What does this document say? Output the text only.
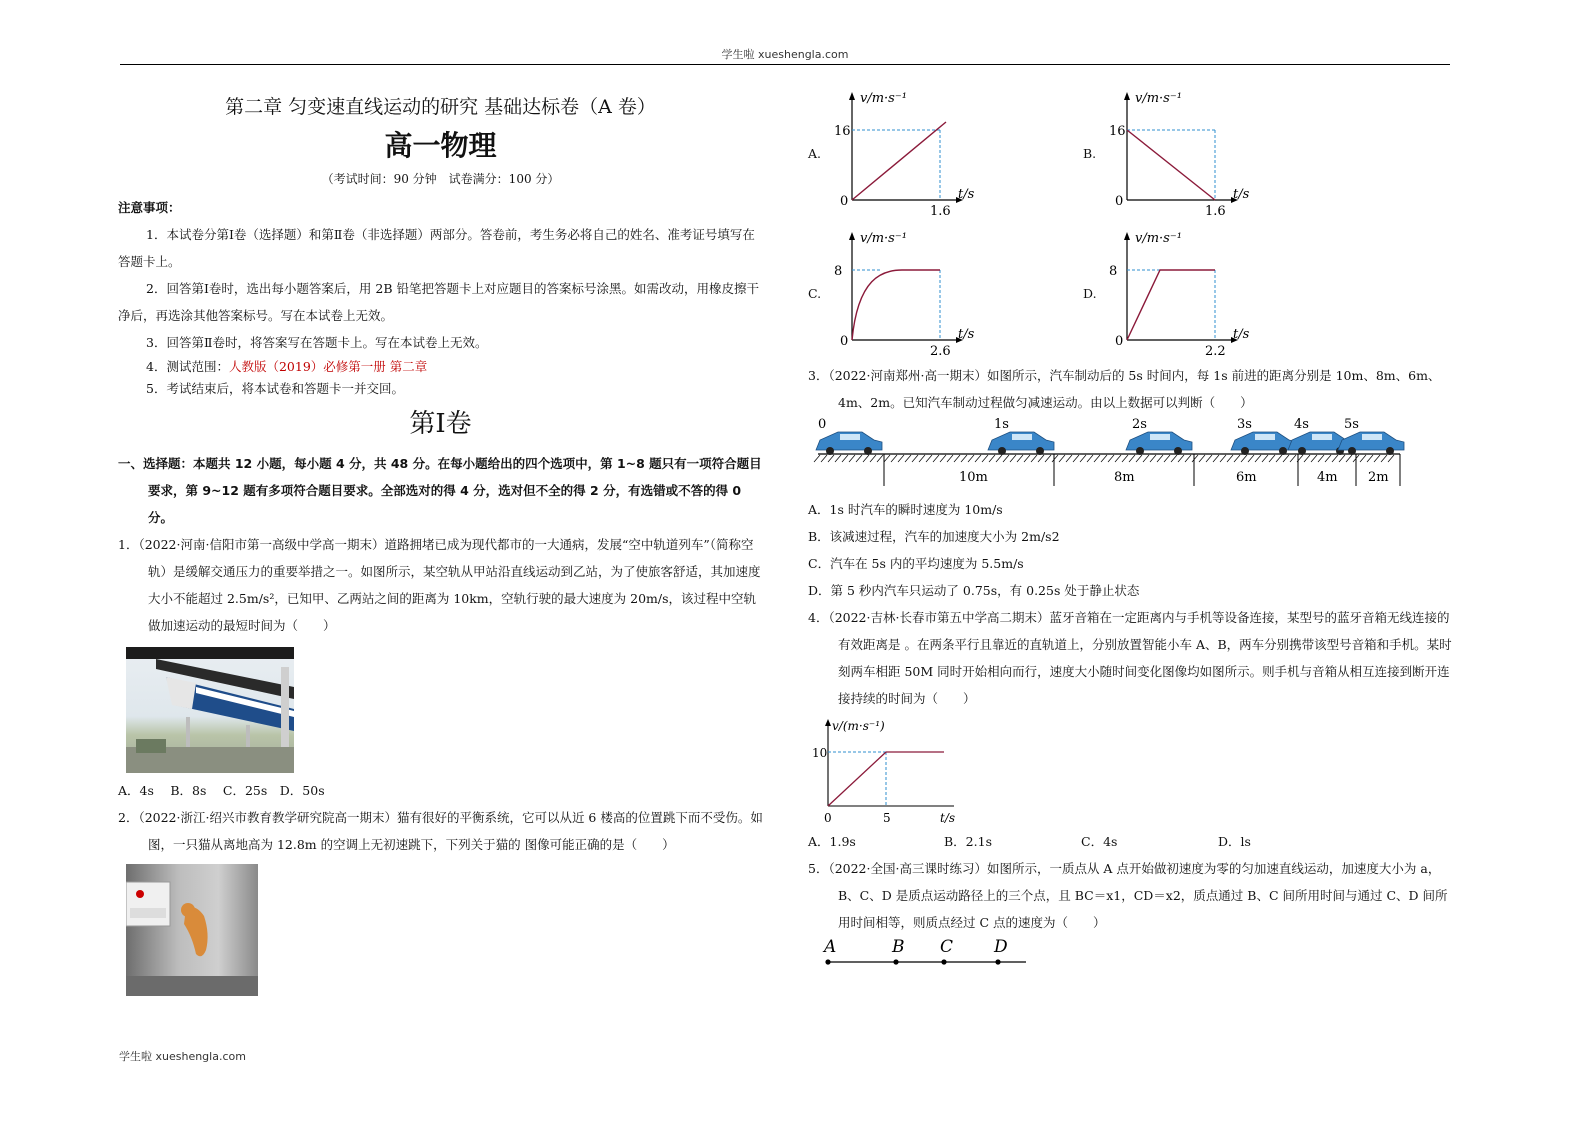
学生啦 xueshengla.com
第二章 匀变速直线运动的研究 基础达标卷（A 卷）
高一物理
（考试时间：90 分钟　试卷满分：100 分）
注意事项：
1．本试卷分第Ⅰ卷（选择题）和第Ⅱ卷（非选择题）两部分。答卷前，考生务必将自己的姓名、准考证号填写在答题卡上。
2．回答第Ⅰ卷时，选出每小题答案后，用 2B 铅笔把答题卡上对应题目的答案标号涂黑。如需改动，用橡皮擦干净后，再选涂其他答案标号。写在本试卷上无效。
3．回答第Ⅱ卷时，将答案写在答题卡上。写在本试卷上无效。
4．测试范围：人教版（2019）必修第一册 第二章
5．考试结束后，将本试卷和答题卡一并交回。
第I卷
一、选择题：本题共 12 小题，每小题 4 分，共 48 分。在每小题给出的四个选项中，第 1~8 题只有一项符合题目要求，第 9~12 题有多项符合题目要求。全部选对的得 4 分，选对但不全的得 2 分，有选错或不答的得 0 分。
1．（2022·河南·信阳市第一高级中学高一期末）道路拥堵已成为现代都市的一大通病，发展“空中轨道列车”（简称空轨）是缓解交通压力的重要举措之一。如图所示，某空轨从甲站沿直线运动到乙站，为了使旅客舒适，其加速度大小不能超过 2.5m/s²，已知甲、乙两站之间的距离为 10km，空轨行驶的最大速度为 20m/s，该过程中空轨做加速运动的最短时间为（　　）
A．4s　 B．8s　 C．25s　D．50s
2．（2022·浙江·绍兴市教育教学研究院高一期末）猫有很好的平衡系统，它可以从近 6 楼高的位置跳下而不受伤。如图，一只猫从离地高为 12.8m 的空调上无初速跳下，下列关于猫的 图像可能正确的是（　　）
A.
v/m·s⁻¹
t/s
0
16
1.6
B.
v/m·s⁻¹
t/s
0
16
1.6
C.
v/m·s⁻¹
t/s
0
8
2.6
D.
v/m·s⁻¹
t/s
0
8
2.2
3．（2022·河南郑州·高一期末）如图所示，汽车制动后的 5s 时间内，每 1s 前进的距离分别是 10m、8m、6m、4m、2m。已知汽车制动过程做匀减速运动。由以上数据可以判断（　　）
0	1s	2s	3s	4s	5s
10m	8m	6m	4m 2m
A．1s 时汽车的瞬时速度为 10m/s
B．该减速过程，汽车的加速度大小为 2m/s2
C．汽车在 5s 内的平均速度为 5.5m/s
D．第 5 秒内汽车只运动了 0.75s，有 0.25s 处于静止状态
4．（2022·吉林·长春市第五中学高二期末）蓝牙音箱在一定距离内与手机等设备连接，某型号的蓝牙音箱无线连接的有效距离是 。在两条平行且靠近的直轨道上，分别放置智能小车 A、B，两车分别携带该型号音箱和手机。某时刻两车相距 50M 同时开始相向而行，速度大小随时间变化图像均如图所示。则手机与音箱从相互连接到断开连接持续的时间为（　　）
v/(m·s⁻¹)
t/s
0
10
5
A．1.9s	B．2.1s	C．4s	D．ls
5．（2022·全国·高三课时练习）如图所示，一质点从 A 点开始做初速度为零的匀加速直线运动，加速度大小为 a，B、C、D 是质点运动路径上的三个点，且 BC＝x1，CD＝x2，质点通过 B、C 间所用时间与通过 C、D 间所用时间相等，则质点经过 C 点的速度为（　　）
A	B C D
学生啦 xueshengla.com
